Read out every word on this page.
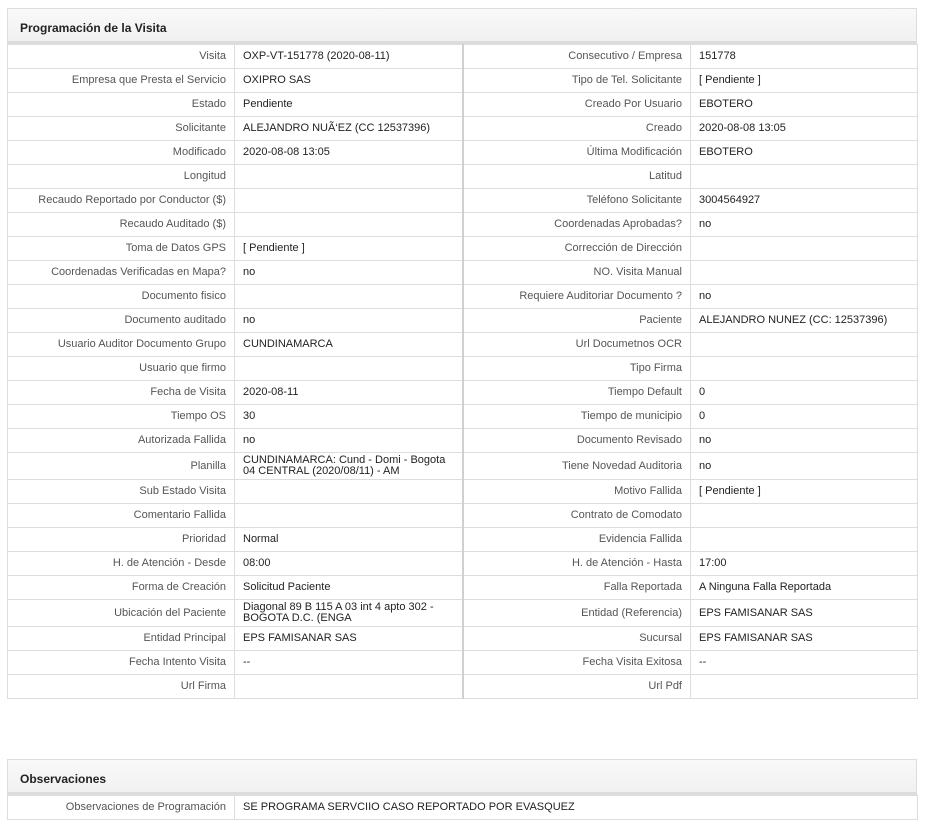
Programación de la Visita
Visita	OXP-VT-151778 (2020-08-11)	Consecutivo / Empresa	151778
Empresa que Presta el Servicio	OXIPRO SAS	Tipo de Tel. Solicitante	[ Pendiente ]
Estado	Pendiente	Creado Por Usuario	EBOTERO
Solicitante	ALEJANDRO NUÃ‘EZ (CC 12537396)	Creado	2020-08-08 13:05
Modificado	2020-08-08 13:05	Última Modificación	EBOTERO
Longitud		Latitud	
Recaudo Reportado por Conductor ($)		Teléfono Solicitante	3004564927
Recaudo Auditado ($)		Coordenadas Aprobadas?	no
Toma de Datos GPS	[ Pendiente ]	Corrección de Dirección	
Coordenadas Verificadas en Mapa?	no	NO. Visita Manual	
Documento fisico		Requiere Auditoriar Documento ?	no
Documento auditado	no	Paciente	ALEJANDRO NUNEZ (CC: 12537396)
Usuario Auditor Documento Grupo	CUNDINAMARCA	Url Documetnos OCR	
Usuario que firmo		Tipo Firma	
Fecha de Visita	2020-08-11	Tiempo Default	0
Tiempo OS	30	Tiempo de municipio	0
Autorizada Fallida	no	Documento Revisado	no
Planilla	CUNDINAMARCA: Cund - Domi - Bogota 04 CENTRAL (2020/08/11) - AM	Tiene Novedad Auditoria	no
Sub Estado Visita		Motivo Fallida	[ Pendiente ]
Comentario Fallida		Contrato de Comodato	
Prioridad	Normal	Evidencia Fallida	
H. de Atención - Desde	08:00	H. de Atención - Hasta	17:00
Forma de Creación	Solicitud Paciente	Falla Reportada	A Ninguna Falla Reportada
Ubicación del Paciente	Diagonal 89 B 115 A 03 int 4 apto 302 - BOGOTA D.C. (ENGA	Entidad (Referencia)	EPS FAMISANAR SAS
Entidad Principal	EPS FAMISANAR SAS	Sucursal	EPS FAMISANAR SAS
Fecha Intento Visita	--	Fecha Visita Exitosa	--
Url Firma		Url Pdf	
Observaciones
Observaciones de Programación	SE PROGRAMA SERVCIIO CASO REPORTADO POR EVASQUEZ
